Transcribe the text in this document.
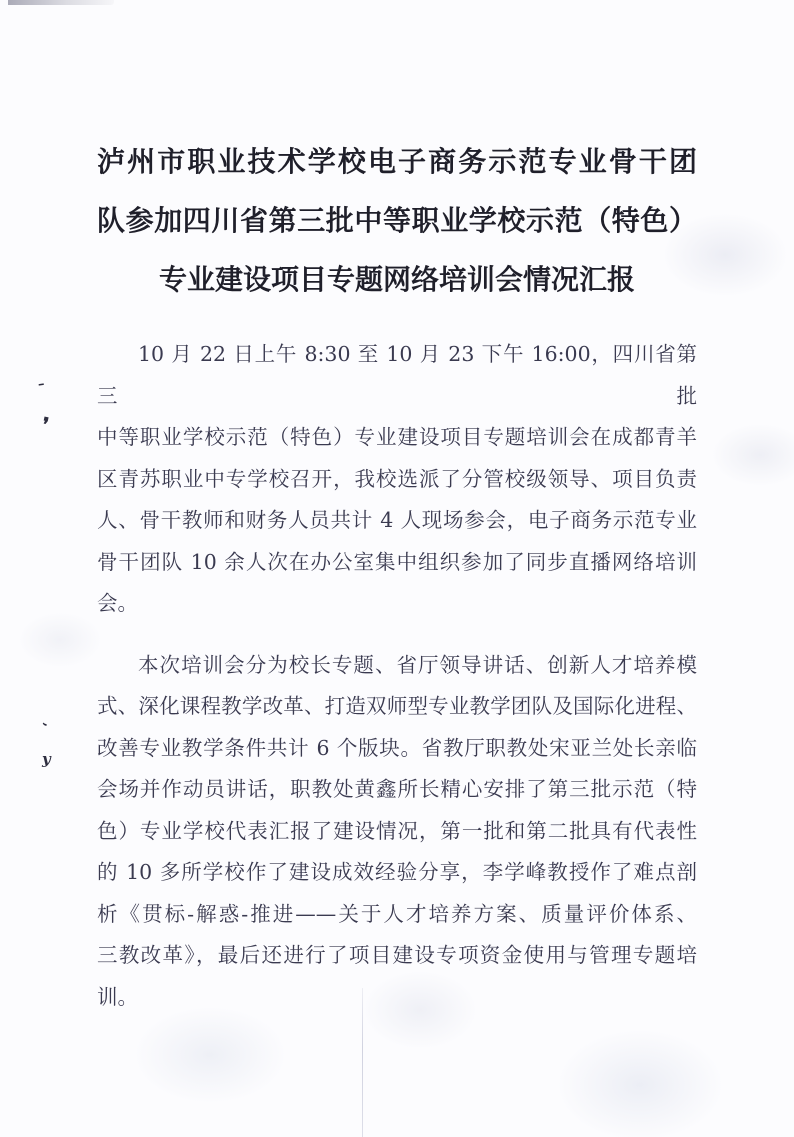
泸州市职业技术学校电子商务示范专业骨干团
队参加四川省第三批中等职业学校示范（特色）
专业建设项目专题网络培训会情况汇报
10 月 22 日上午 8:30 至 10 月 23 下午 16:00，四川省第三批
中等职业学校示范（特色）专业建设项目专题培训会在成都青羊
区青苏职业中专学校召开，我校选派了分管校级领导、项目负责
人、骨干教师和财务人员共计 4 人现场参会，电子商务示范专业
骨干团队 10 余人次在办公室集中组织参加了同步直播网络培训
会。
本次培训会分为校长专题、省厅领导讲话、创新人才培养模
式、深化课程教学改革、打造双师型专业教学团队及国际化进程、
改善专业教学条件共计 6 个版块。省教厅职教处宋亚兰处长亲临
会场并作动员讲话，职教处黄鑫所长精心安排了第三批示范（特
色）专业学校代表汇报了建设情况，第一批和第二批具有代表性
的 10 多所学校作了建设成效经验分享，李学峰教授作了难点剖
析《贯标-解惑-推进——关于人才培养方案、质量评价体系、
三教改革》，最后还进行了项目建设专项资金使用与管理专题培
训。
–
❜
‚
y
